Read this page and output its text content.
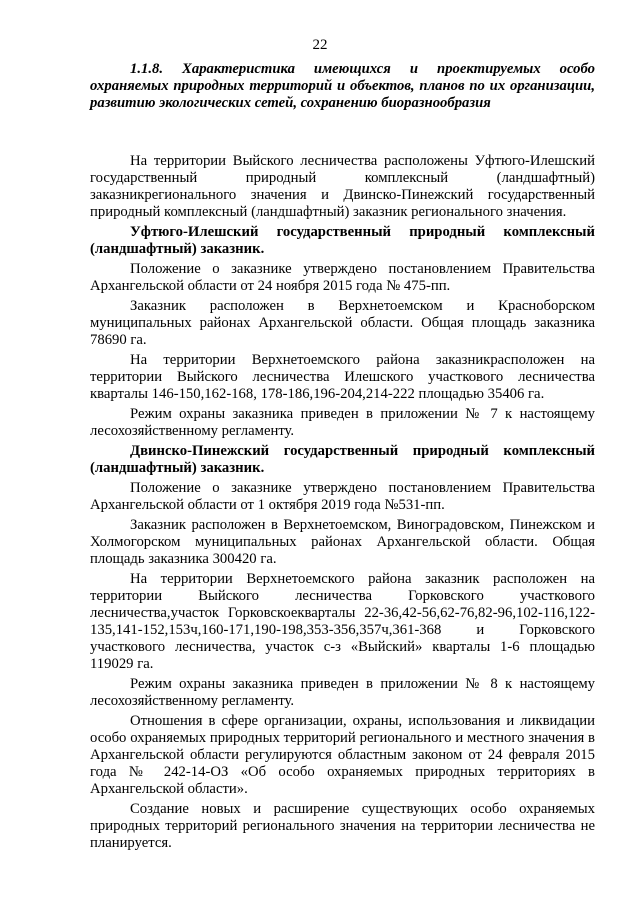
22

1.1.8. Характеристика имеющихся и проектируемых особо охраняемых природных территорий и объектов, планов по их организации, развитию экологических сетей, сохранению биоразнообразия

На территории Выйского лесничества расположены Уфтюго-Илешский государственный природный комплексный (ландшафтный) заказникрегионального значения и Двинско-Пинежский государственный природный комплексный (ландшафтный) заказник регионального значения.

Уфтюго-Илешский государственный природный комплексный (ландшафтный) заказник.

Положение о заказнике утверждено постановлением Правительства Архангельской области от 24 ноября 2015 года № 475-пп.

Заказник расположен в Верхнетоемском и Красноборском муниципальных районах Архангельской области. Общая площадь заказника 78690 га.

На территории Верхнетоемского района заказникрасположен на территории Выйского лесничества Илешского участкового лесничества кварталы 146-150,162-168, 178-186,196-204,214-222 площадью 35406 га.

Режим охраны заказника приведен в приложении № 7 к настоящему лесохозяйственному регламенту.

Двинско-Пинежский государственный природный комплексный (ландшафтный) заказник.

Положение о заказнике утверждено постановлением Правительства Архангельской области от 1 октября 2019 года №531-пп.

Заказник расположен в Верхнетоемском, Виноградовском, Пинежском и Холмогорском муниципальных районах Архангельской области. Общая площадь заказника 300420 га.

На территории Верхнетоемского района заказник расположен на территории Выйского лесничества Горковского участкового лесничества,участок Горковскоекварталы 22-36,42-56,62-76,82-96,102-116,122-135,141-152,153ч,160-171,190-198,353-356,357ч,361-368 и Горковского участкового лесничества, участок с-з «Выйский» кварталы 1-6 площадью 119029 га.

Режим охраны заказника приведен в приложении № 8 к настоящему лесохозяйственному регламенту.

Отношения в сфере организации, охраны, использования и ликвидации особо охраняемых природных территорий регионального и местного значения в Архангельской области регулируются областным законом от 24 февраля 2015 года № 242-14-ОЗ «Об особо охраняемых природных территориях в Архангельской области».

Создание новых и расширение существующих особо охраняемых природных территорий регионального значения на территории лесничества не планируется.
